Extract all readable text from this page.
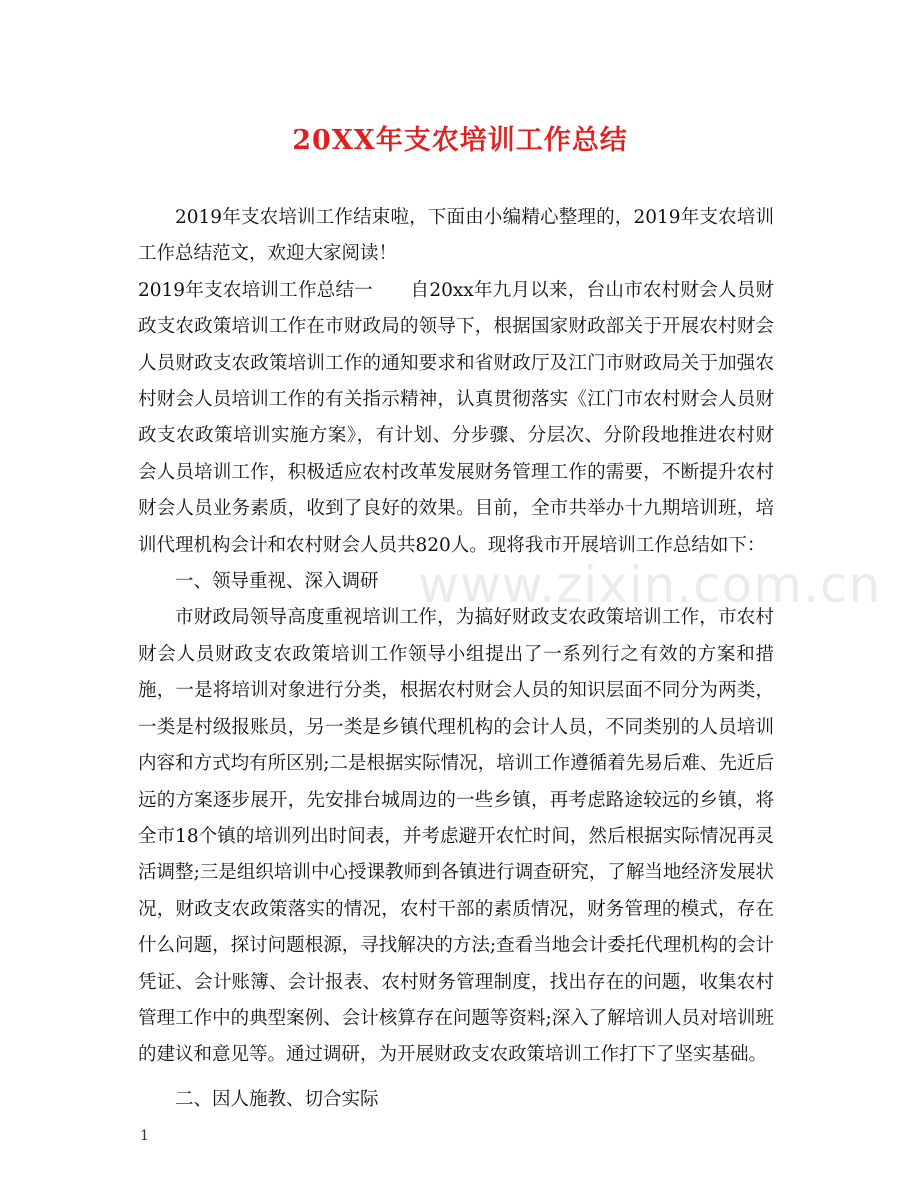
20XX年支农培训工作总结

2019年支农培训工作结束啦，下面由小编精心整理的，2019年支农培训工作总结范文，欢迎大家阅读！

2019年支农培训工作总结一　　自20xx年九月以来，台山市农村财会人员财政支农政策培训工作在市财政局的领导下，根据国家财政部关于开展农村财会人员财政支农政策培训工作的通知要求和省财政厅及江门市财政局关于加强农村财会人员培训工作的有关指示精神，认真贯彻落实《江门市农村财会人员财政支农政策培训实施方案》，有计划、分步骤、分层次、分阶段地推进农村财会人员培训工作，积极适应农村改革发展财务管理工作的需要，不断提升农村财会人员业务素质，收到了良好的效果。目前，全市共举办十九期培训班，培训代理机构会计和农村财会人员共820人。现将我市开展培训工作总结如下：

一、领导重视、深入调研

市财政局领导高度重视培训工作，为搞好财政支农政策培训工作，市农村财会人员财政支农政策培训工作领导小组提出了一系列行之有效的方案和措施，一是将培训对象进行分类，根据农村财会人员的知识层面不同分为两类，一类是村级报账员，另一类是乡镇代理机构的会计人员，不同类别的人员培训内容和方式均有所区别;二是根据实际情况，培训工作遵循着先易后难、先近后远的方案逐步展开，先安排台城周边的一些乡镇，再考虑路途较远的乡镇，将全市18个镇的培训列出时间表，并考虑避开农忙时间，然后根据实际情况再灵活调整;三是组织培训中心授课教师到各镇进行调查研究，了解当地经济发展状况，财政支农政策落实的情况，农村干部的素质情况，财务管理的模式，存在什么问题，探讨问题根源，寻找解决的方法;查看当地会计委托代理机构的会计凭证、会计账簿、会计报表、农村财务管理制度，找出存在的问题，收集农村管理工作中的典型案例、会计核算存在问题等资料;深入了解培训人员对培训班的建议和意见等。通过调研，为开展财政支农政策培训工作打下了坚实基础。

二、因人施教、切合实际

www.zixin.com.cn
1
